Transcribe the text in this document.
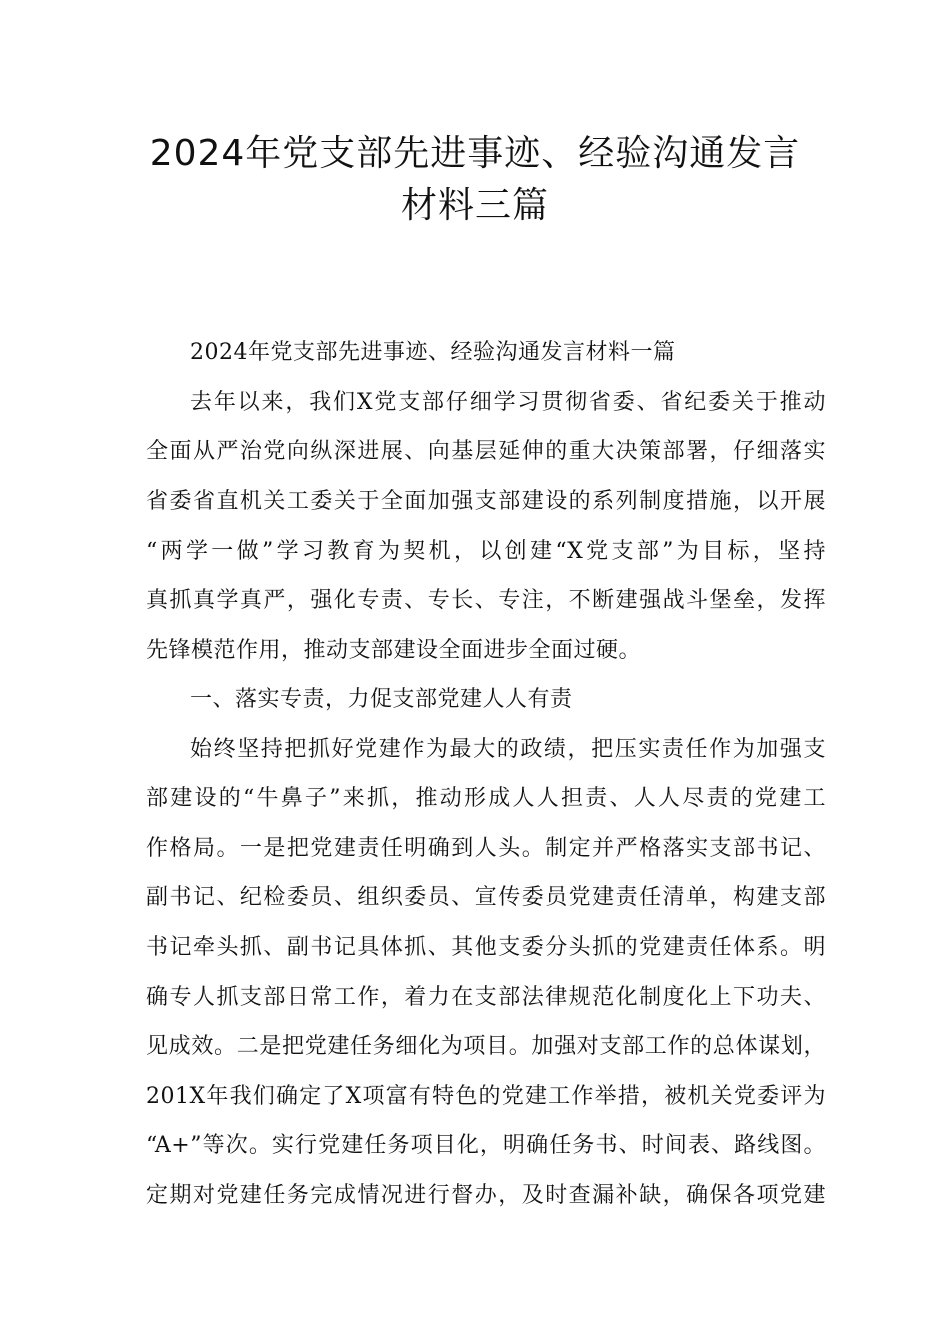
2024年党支部先进事迹、经验沟通发言
材料三篇
2024年党支部先进事迹、经验沟通发言材料一篇
去年以来，我们X党支部仔细学习贯彻省委、省纪委关于推动
全面从严治党向纵深进展、向基层延伸的重大决策部署，仔细落实
省委省直机关工委关于全面加强支部建设的系列制度措施，以开展
“两学一做”学习教育为契机，以创建“X党支部”为目标，坚持
真抓真学真严，强化专责、专长、专注，不断建强战斗堡垒，发挥
先锋模范作用，推动支部建设全面进步全面过硬。
一、落实专责，力促支部党建人人有责
始终坚持把抓好党建作为最大的政绩，把压实责任作为加强支
部建设的“牛鼻子”来抓，推动形成人人担责、人人尽责的党建工
作格局。一是把党建责任明确到人头。制定并严格落实支部书记、
副书记、纪检委员、组织委员、宣传委员党建责任清单，构建支部
书记牵头抓、副书记具体抓、其他支委分头抓的党建责任体系。明
确专人抓支部日常工作，着力在支部法律规范化制度化上下功夫、
见成效。二是把党建任务细化为项目。加强对支部工作的总体谋划，
201X年我们确定了X项富有特色的党建工作举措，被机关党委评为
“A+”等次。实行党建任务项目化，明确任务书、时间表、路线图。
定期对党建任务完成情况进行督办，及时查漏补缺，确保各项党建
